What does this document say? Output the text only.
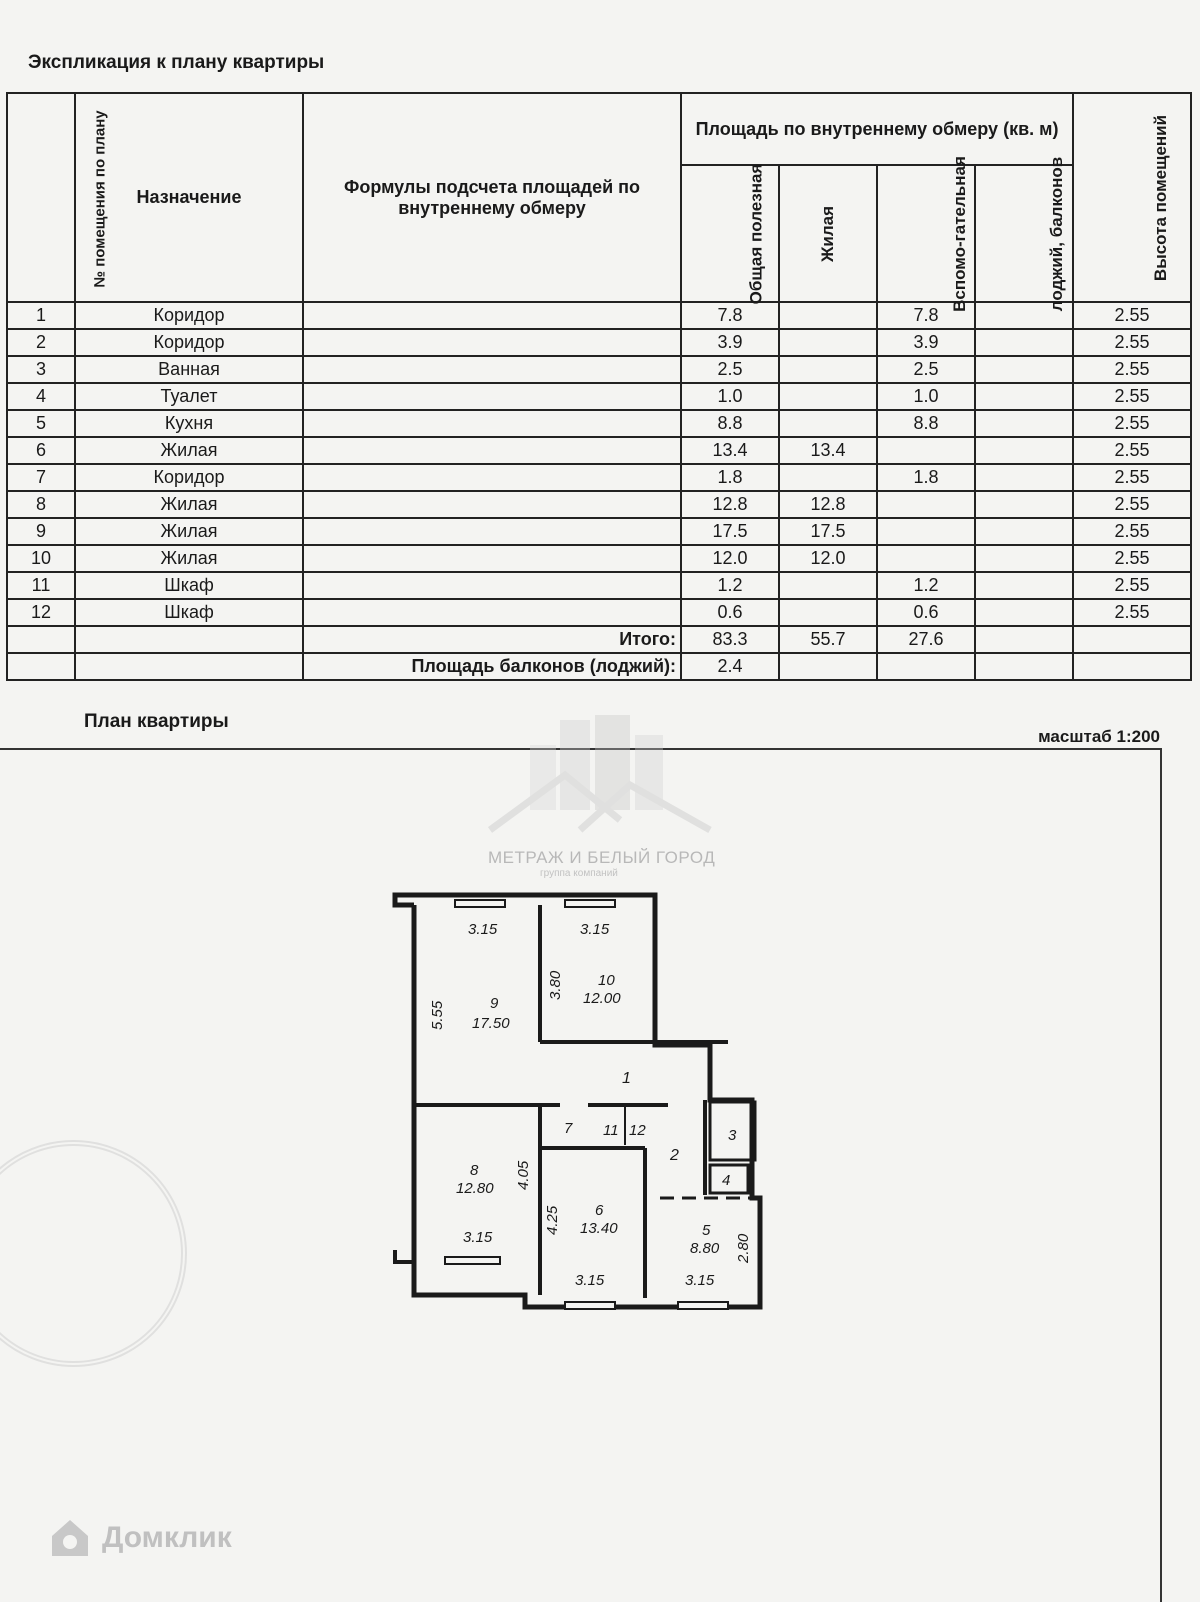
Экспликация к плану квартиры
№ помещения по плану	Назначение	Формулы подсчета площадей по внутреннему обмеру	Площадь по внутреннему обмеру (кв. м)				Высота помещений
			Общая полезная	Жилая	Вспомо-гательная	лоджий, балконов	
1	Коридор		7.8		7.8		2.55
2	Коридор		3.9		3.9		2.55
3	Ванная		2.5		2.5		2.55
4	Туалет		1.0		1.0		2.55
5	Кухня		8.8		8.8		2.55
6	Жилая		13.4	13.4			2.55
7	Коридор		1.8		1.8		2.55
8	Жилая		12.8	12.8			2.55
9	Жилая		17.5	17.5			2.55
10	Жилая		12.0	12.0			2.55
11	Шкаф		1.2		1.2		2.55
12	Шкаф		0.6		0.6		2.55
		Итого:	83.3	55.7	27.6		
		Площадь балконов (лоджий):	2.4				
План квартиры
масштаб 1:200
МЕТРАЖ И БЕЛЫЙ ГОРОД
группа компаний
3.15	3.15
5.55
3.80
4.05
4.25
3.15
3.15	3.15
2.80
9
17.50
10
12.00
1
2
3
4
7 11 12
8
12.80
6
13.40	5
8.80
Домклик
